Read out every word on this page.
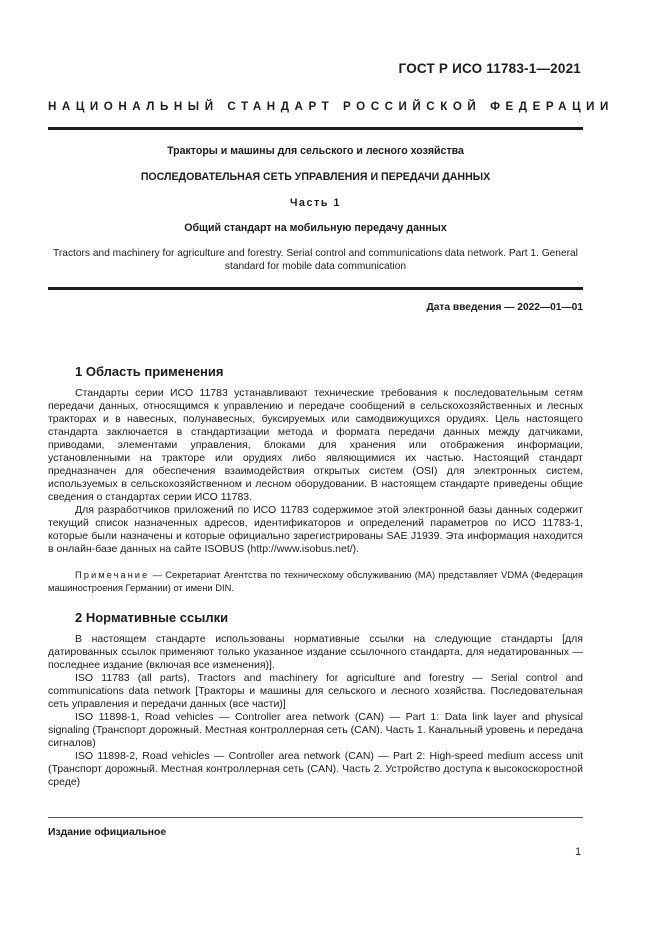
ГОСТ Р ИСО 11783-1—2021
НАЦИОНАЛЬНЫЙ СТАНДАРТ РОССИЙСКОЙ ФЕДЕРАЦИИ
Тракторы и машины для сельского и лесного хозяйства
ПОСЛЕДОВАТЕЛЬНАЯ СЕТЬ УПРАВЛЕНИЯ И ПЕРЕДАЧИ ДАННЫХ
Часть 1
Общий стандарт на мобильную передачу данных
Tractors and machinery for agriculture and forestry. Serial control and communications data network. Part 1. General standard for mobile data communication
Дата введения — 2022—01—01
1 Область применения

Стандарты серии ИСО 11783 устанавливают технические требования к последовательным сетям передачи данных, относящимся к управлению и передаче сообщений в сельскохозяйственных и лесных тракторах и в навесных, полунавесных, буксируемых или самодвижущихся орудиях. Цель настоящего стандарта заключается в стандартизации метода и формата передачи данных между датчиками, приводами, элементами управления, блоками для хранения или отображения информации, установленными на тракторе или орудиях либо являющимися их частью. Настоящий стандарт предназначен для обеспечения взаимодействия открытых систем (OSI) для электронных систем, используемых в сельскохозяйственном и лесном оборудовании. В настоящем стандарте приведены общие сведения о стандартах серии ИСО 11783.

Для разработчиков приложений по ИСО 11783 содержимое этой электронной базы данных содержит текущий список назначенных адресов, идентификаторов и определений параметров по ИСО 11783-1, которые были назначены и которые официально зарегистрированы SAE J1939. Эта информация находится в онлайн-базе данных на сайте ISOBUS (http://www.isobus.net/).

Примечание — Секретариат Агентства по техническому обслуживанию (МА) представляет VDMA (Федерация машиностроения Германии) от имени DIN.

2 Нормативные ссылки

В настоящем стандарте использованы нормативные ссылки на следующие стандарты [для датированных ссылок применяют только указанное издание ссылочного стандарта, для недатированных — последнее издание (включая все изменения)].

ISO 11783 (all parts), Tractors and machinery for agriculture and forestry — Serial control and communications data network [Тракторы и машины для сельского и лесного хозяйства. Последовательная сеть управления и передачи данных (все части)]

ISO 11898-1, Road vehicles — Controller area network (CAN) — Part 1: Data link layer and physical signaling (Транспорт дорожный. Местная контроллерная сеть (CAN). Часть 1. Канальный уровень и передача сигналов)

ISO 11898-2, Road vehicles — Controller area network (CAN) — Part 2: High-speed medium access unit (Транспорт дорожный. Местная контроллерная сеть (CAN). Часть 2. Устройство доступа к высокоскоростной среде)

Издание официальное
1
